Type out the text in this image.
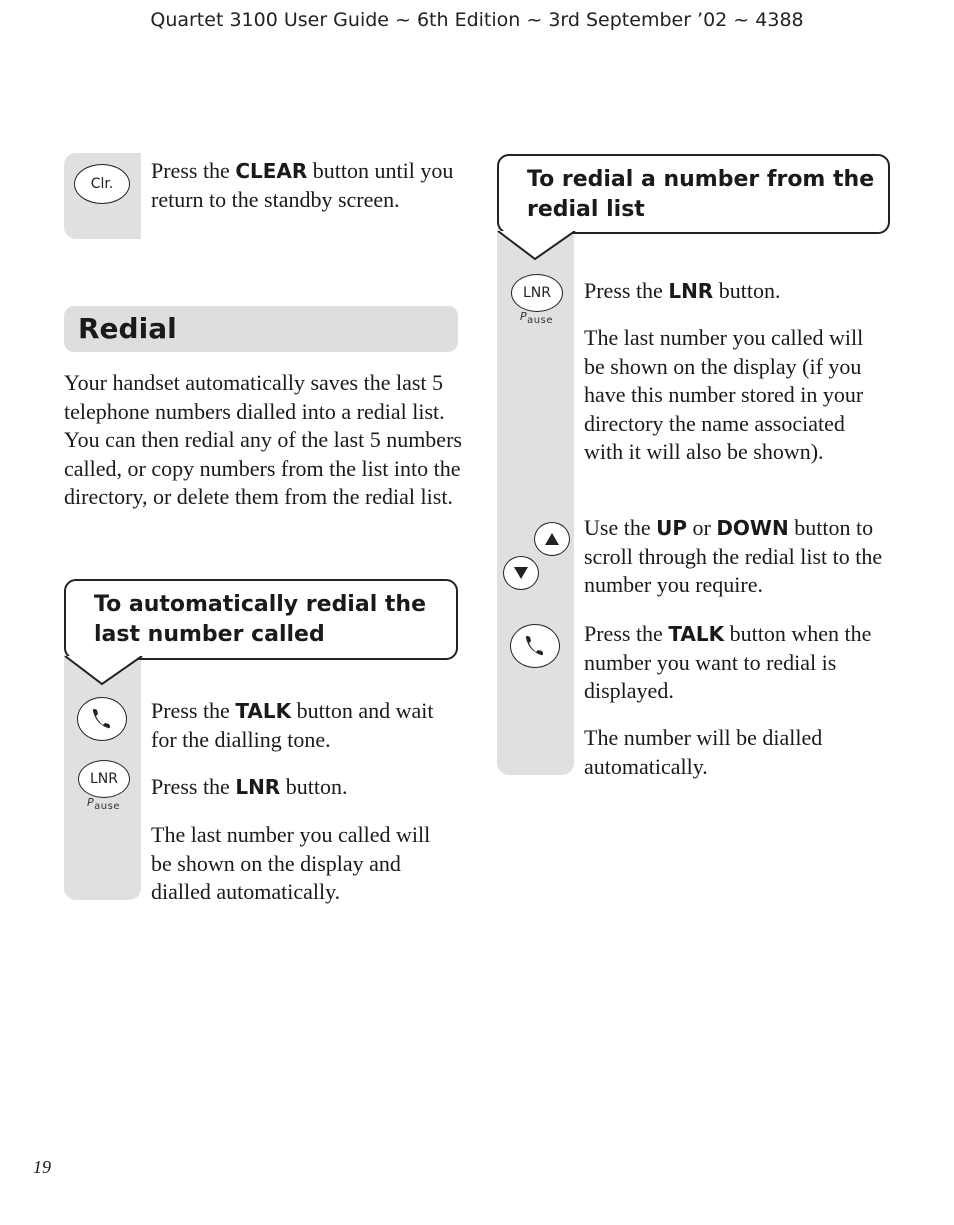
Quartet 3100 User Guide ~ 6th Edition ~ 3rd September ’02 ~ 4388
Clr.
Press the CLEAR button until you return to the standby screen.
Redial
Your handset automatically saves the last 5 telephone numbers dialled into a redial list. You can then redial any of the last 5 numbers called, or copy numbers from the list into the directory, or delete them from the redial list.
To automatically redial the last number called
Press the TALK button and wait for the dialling tone.
LNR
Pause
Press the LNR button.
The last number you called will be shown on the display and dialled automatically.
To redial a number from the redial list
LNR
Pause
Press the LNR button.
The last number you called will be shown on the display (if you have this number stored in your directory the name associated with it will also be shown).
Use the UP or DOWN button to scroll through the redial list to the number you require.
Press the TALK button when the number you want to redial is displayed.
The number will be dialled automatically.
19
